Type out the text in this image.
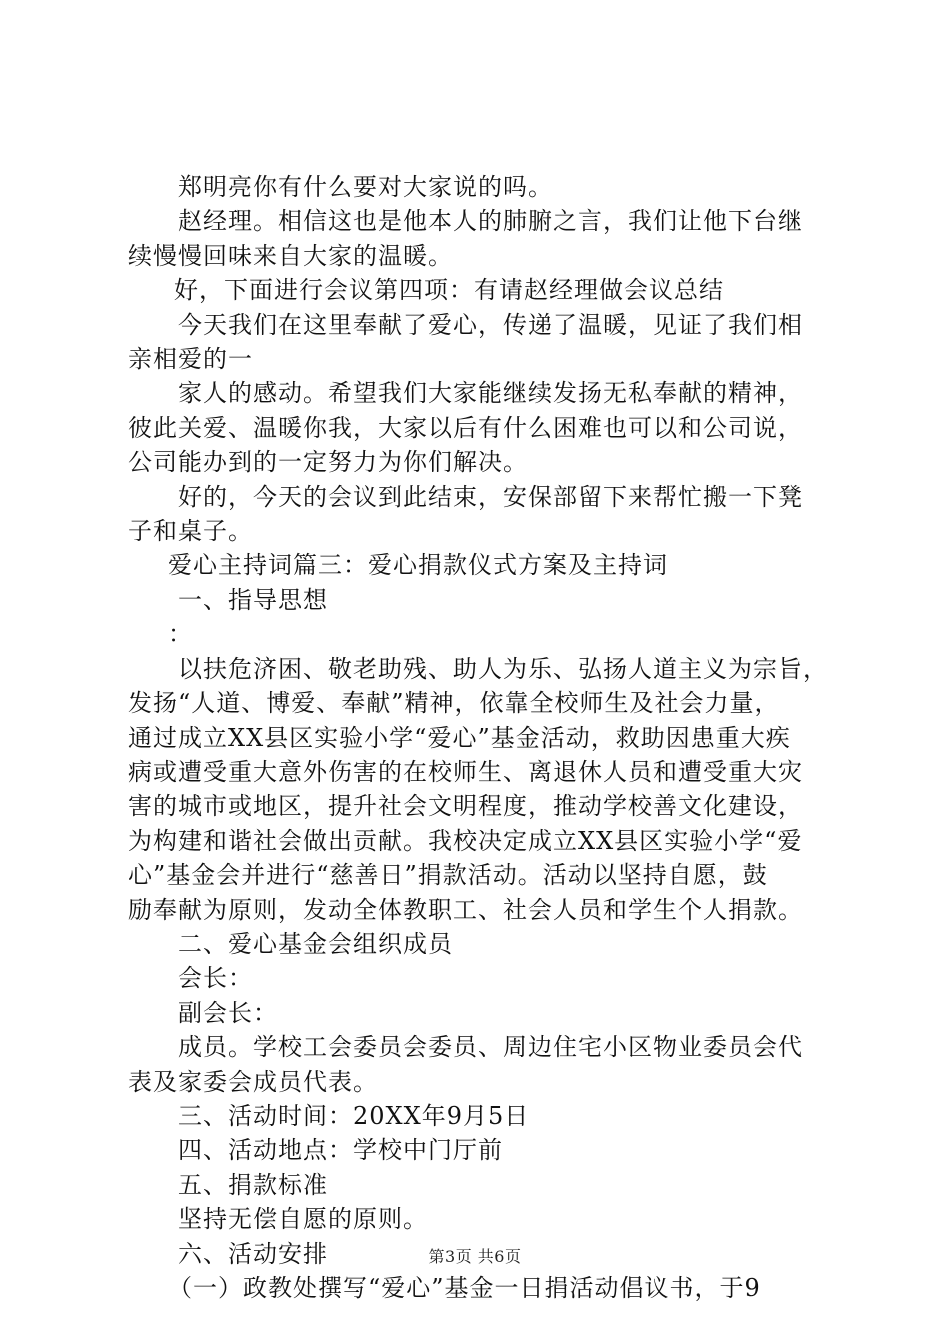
郑明亮你有什么要对大家说的吗。

赵经理。相信这也是他本人的肺腑之言，我们让他下台继

续慢慢回味来自大家的温暖。

好，下面进行会议第四项：有请赵经理做会议总结

今天我们在这里奉献了爱心，传递了温暖，见证了我们相

亲相爱的一

家人的感动。希望我们大家能继续发扬无私奉献的精神，

彼此关爱、温暖你我，大家以后有什么困难也可以和公司说，

公司能办到的一定努力为你们解决。

好的，今天的会议到此结束，安保部留下来帮忙搬一下凳

子和桌子。

爱心主持词篇三：爱心捐款仪式方案及主持词

一、指导思想

：

以扶危济困、敬老助残、助人为乐、弘扬人道主义为宗旨，

发扬“人道、博爱、奉献”精神，依靠全校师生及社会力量，

通过成立XX县区实验小学“爱心”基金活动，救助因患重大疾

病或遭受重大意外伤害的在校师生、离退休人员和遭受重大灾

害的城市或地区，提升社会文明程度，推动学校善文化建设，

为构建和谐社会做出贡献。我校决定成立XX县区实验小学“爱

心”基金会并进行“慈善日”捐款活动。活动以坚持自愿，鼓

励奉献为原则，发动全体教职工、社会人员和学生个人捐款。

二、爱心基金会组织成员

会长：

副会长：

成员。学校工会委员会委员、周边住宅小区物业委员会代

表及家委会成员代表。

三、活动时间：20XX年9月5日

四、活动地点：学校中门厅前

五、捐款标准

坚持无偿自愿的原则。

六、活动安排

（一）政教处撰写“爱心”基金一日捐活动倡议书，于9

第3页 共6页
